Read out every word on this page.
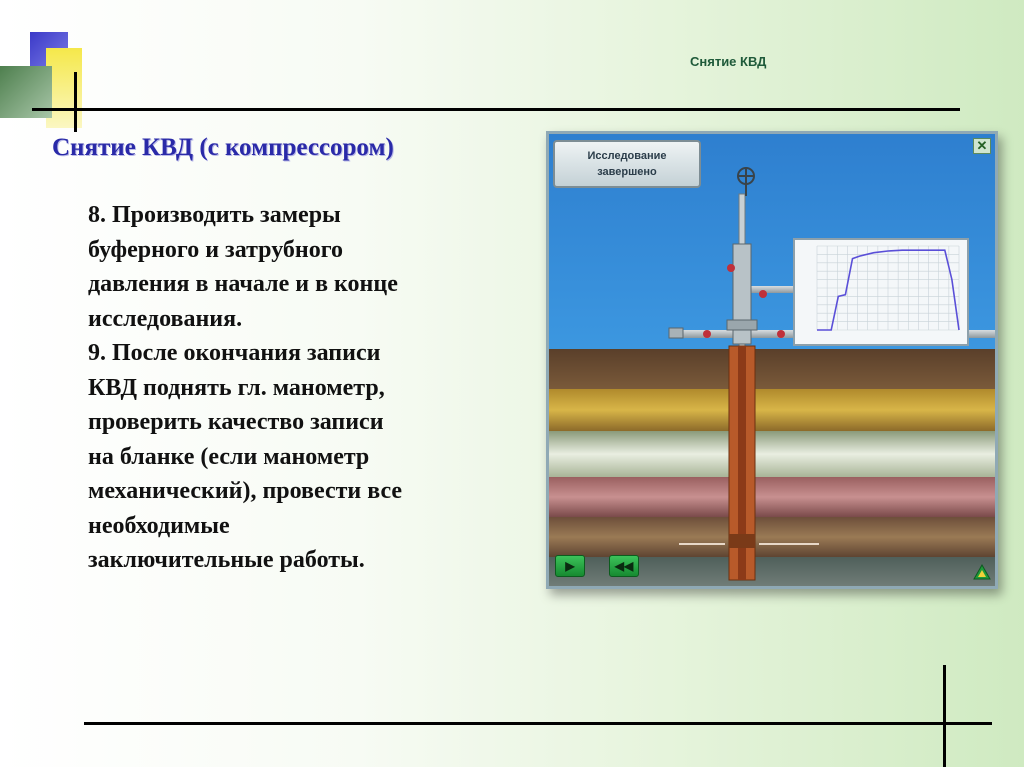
Снятие КВД
Снятие КВД (с компрессором)

8. Производить замеры

буферного и затрубного

давления в начале и в конце

исследования.

9. После окончания записи

КВД поднять гл. манометр,

проверить качество записи

на бланке (если манометр

механический), провести все

необходимые

заключительные работы.

Исследование
завершено
✕
▶	◀◀
